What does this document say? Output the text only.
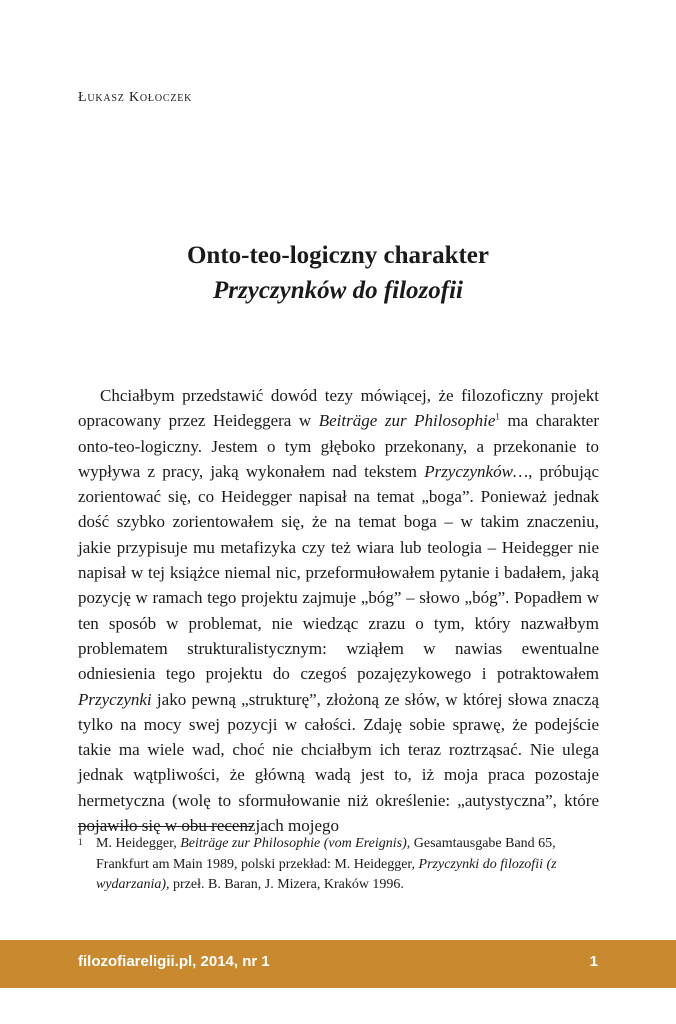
Łukasz Kołoczek

Onto-teo-logiczny charakter
Przyczynków do filozofii

Chciałbym przedstawić dowód tezy mówiącej, że filozoficzny projekt opracowany przez Heideggera w Beiträge zur Philosophie$^1$ ma charakter onto-teo-logiczny. Jestem o tym głęboko przekonany, a przekonanie to wypływa z pracy, jaką wykonałem nad tekstem Przyczynków…, próbując zorientować się, co Heidegger napisał na temat „boga”. Ponieważ jednak dość szybko zorientowałem się, że na temat boga – w takim znaczeniu, jakie przypisuje mu metafizyka czy też wiara lub teologia – Heidegger nie napisał w tej książce niemal nic, przeformułowałem pytanie i badałem, jaką pozycję w ramach tego projektu zajmuje „bóg” – słowo „bóg”. Popadłem w ten sposób w problemat, nie wiedząc zrazu o tym, który nazwałbym problematem strukturalistycznym: wziąłem w nawias ewentualne odniesienia tego projektu do czegoś pozajęzykowego i potraktowałem Przyczynki jako pewną „strukturę”, złożoną ze słów, w której słowa znaczą tylko na mocy swej pozycji w całości. Zdaję sobie sprawę, że podejście takie ma wiele wad, choć nie chciałbym ich teraz roztrząsać. Nie ulega jednak wątpliwości, że główną wadą jest to, iż moja praca pozostaje hermetyczna (wolę to sformułowanie niż określenie: „autystyczna”, które pojawiło się w obu recenzjach mojego

1 M. Heidegger, Beiträge zur Philosophie (vom Ereignis), Gesamtausgabe Band 65, Frankfurt am Main 1989, polski przekład: M. Heidegger, Przyczynki do filozofii (z wydarzania), przeł. B. Baran, J. Mizera, Kraków 1996.

filozofiareligii.pl, 2014, nr 1	1
